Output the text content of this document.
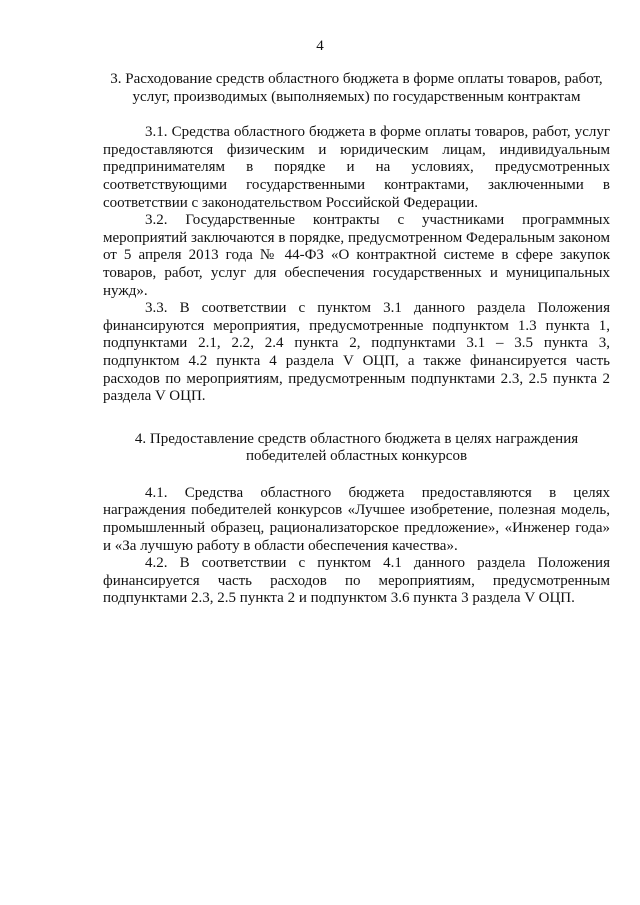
4
3. Расходование средств областного бюджета в форме оплаты товаров, работ,
услуг, производимых (выполняемых) по государственным контрактам

3.1. Средства областного бюджета в форме оплаты товаров, работ, услуг предоставляются физическим и юридическим лицам, индивидуальным предпринимателям в порядке и на условиях, предусмотренных соответствующими государственными контрактами, заключенными в соответствии с законодательством Российской Федерации.

3.2. Государственные контракты с участниками программных мероприятий заключаются в порядке, предусмотренном Федеральным законом от 5 апреля 2013 года № 44-ФЗ «О контрактной системе в сфере закупок товаров, работ, услуг для обеспечения государственных и муниципальных нужд».

3.3. В соответствии с пунктом 3.1 данного раздела Положения финансируются мероприятия, предусмотренные подпунктом 1.3 пункта 1, подпунктами 2.1, 2.2, 2.4 пункта 2, подпунктами 3.1 – 3.5 пункта 3, подпунктом 4.2 пункта 4 раздела V ОЦП, а также финансируется часть расходов по мероприятиям, предусмотренным подпунктами 2.3, 2.5 пункта 2 раздела V ОЦП.

4. Предоставление средств областного бюджета в целях награждения
победителей областных конкурсов

4.1. Средства областного бюджета предоставляются в целях награждения победителей конкурсов «Лучшее изобретение, полезная модель, промышленный образец, рационализаторское предложение», «Инженер года» и «За лучшую работу в области обеспечения качества».

4.2. В соответствии с пунктом 4.1 данного раздела Положения финансируется часть расходов по мероприятиям, предусмотренным подпунктами 2.3, 2.5 пункта 2 и подпунктом 3.6 пункта 3 раздела V ОЦП.
